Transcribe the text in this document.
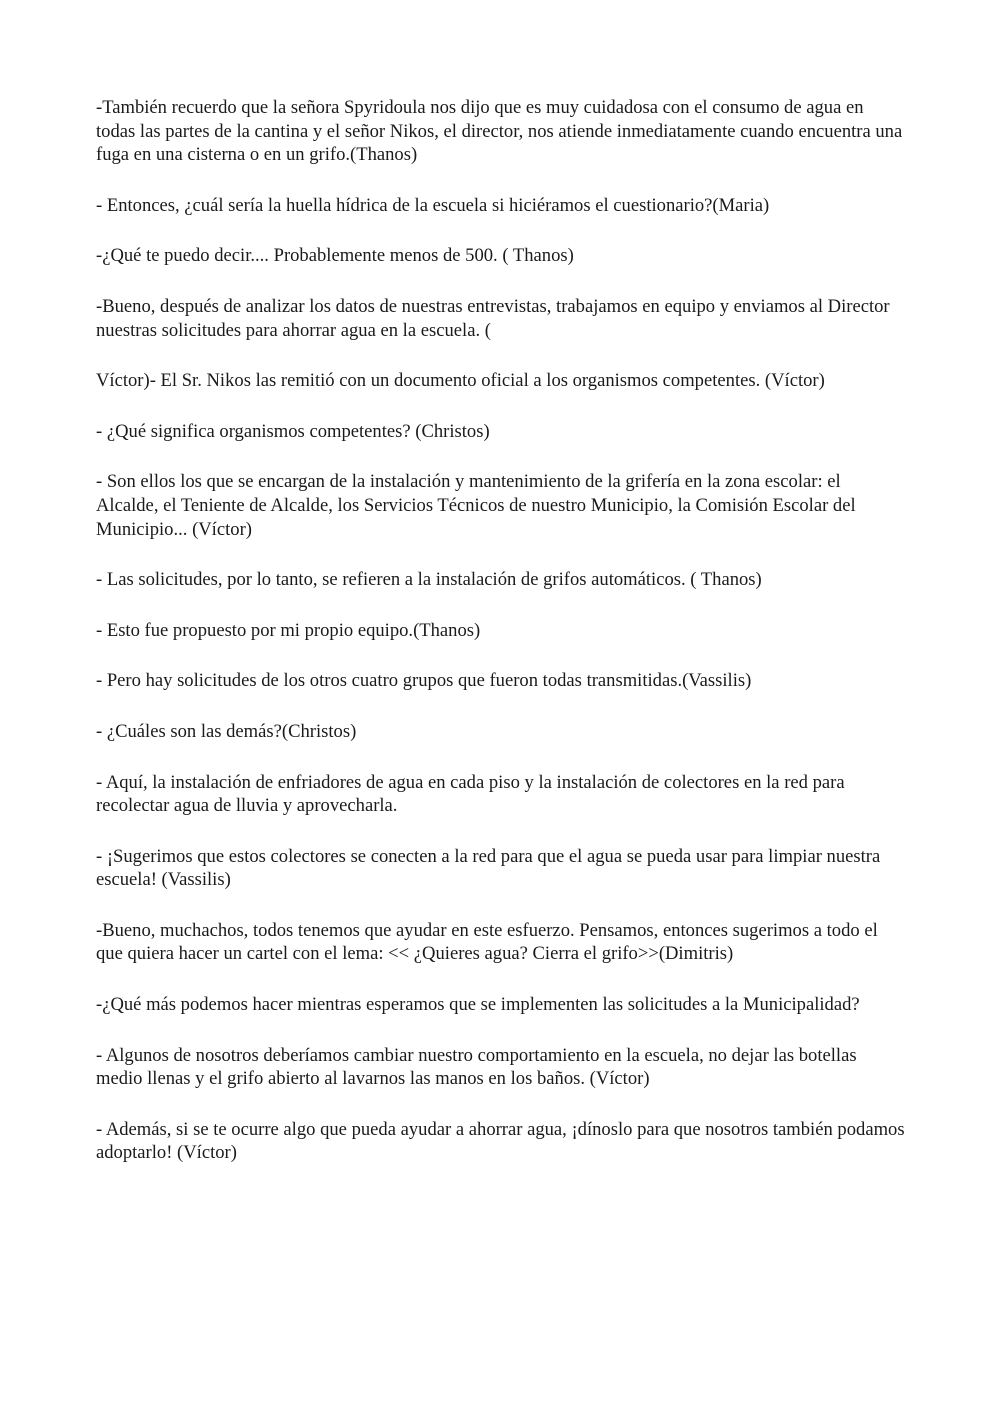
-También recuerdo que la señora Spyridoula nos dijo que es muy cuidadosa con el consumo de agua en todas las partes de la cantina y el señor Nikos, el director, nos atiende inmediatamente cuando encuentra una fuga en una cisterna o en un grifo.(Thanos)

- Entonces, ¿cuál sería la huella hídrica de la escuela si hiciéramos el cuestionario?(Maria)

-¿Qué te puedo decir.... Probablemente menos de 500. ( Thanos)

-Bueno, después de analizar los datos de nuestras entrevistas, trabajamos en equipo y enviamos al Director nuestras solicitudes para ahorrar agua en la escuela. (

Víctor)- El Sr. Nikos las remitió con un documento oficial a los organismos competentes. (Víctor)

- ¿Qué significa organismos competentes? (Christos)

- Son ellos los que se encargan de la instalación y mantenimiento de la grifería en la zona escolar: el Alcalde, el Teniente de Alcalde, los Servicios Técnicos de nuestro Municipio, la Comisión Escolar del Municipio... (Víctor)

- Las solicitudes, por lo tanto, se refieren a la instalación de grifos automáticos. ( Thanos)

- Esto fue propuesto por mi propio equipo.(Thanos)

- Pero hay solicitudes de los otros cuatro grupos que fueron todas transmitidas.(Vassilis)

- ¿Cuáles son las demás?(Christos)

- Aquí, la instalación de enfriadores de agua en cada piso y la instalación de colectores en la red para recolectar agua de lluvia y aprovecharla.

- ¡Sugerimos que estos colectores se conecten a la red para que el agua se pueda usar para limpiar nuestra escuela! (Vassilis)

-Bueno, muchachos, todos tenemos que ayudar en este esfuerzo. Pensamos, entonces sugerimos a todo el que quiera hacer un cartel con el lema: << ¿Quieres agua? Cierra el grifo>>(Dimitris)

-¿Qué más podemos hacer mientras esperamos que se implementen las solicitudes a la Municipalidad?

- Algunos de nosotros deberíamos cambiar nuestro comportamiento en la escuela, no dejar las botellas medio llenas y el grifo abierto al lavarnos las manos en los baños. (Víctor)

- Además, si se te ocurre algo que pueda ayudar a ahorrar agua, ¡dínoslo para que nosotros también podamos adoptarlo! (Víctor)
